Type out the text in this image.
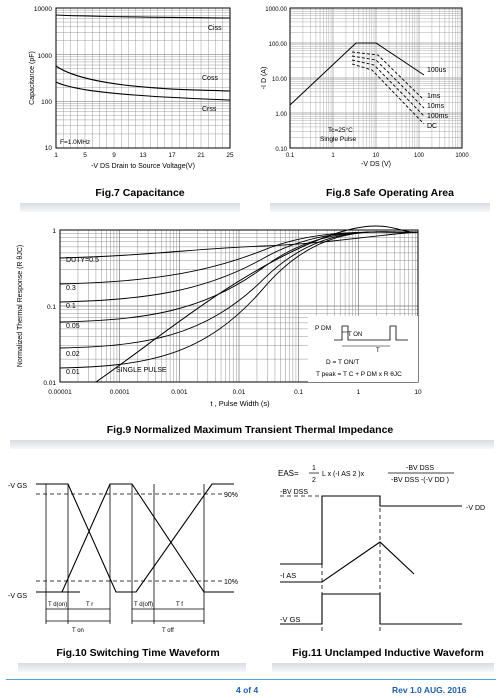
10000
1000
100
10
1	5	9	13	17	21	25
Capacitance (pF)
-V DS Drain to Source Voltage(V)
F=1.0MHz
Ciss
Coss
Crss
Fig.7 Capacitance
1000.00
100.00
10.00
1.00
0.10
0.1	1	10	100	1000
-I D (A)
-V DS (V)
100us
1ms
10ms
100ms
DC
Tc=25°C
Single Pulse
Fig.8 Safe Operating Area
1
0.1
0.01
0.00001	0.0001	0.001	0.01	0.1	1	10
Normalized Thermal Response (R θJC)
t , Pulse Width (s)
DUTY=0.5
0.3
0.1
0.05
0.02
0.01	SINGLE PULSE
P DM
T ON
T
D = T ON/T
T peak = T C + P DM x R θJC
Fig.9 Normalized Maximum Transient Thermal Impedance
-V GS
-V GS
90%
10%
T d(on)	T r
T on
T d(off)	T f
T off
Fig.10 Switching Time Waveform
EAS=
1
2
L x (-I AS 2 )x
-BV DSS
-BV DSS -(-V DD )
-BV DSS
-V DD
-I AS
-V GS
Fig.11 Unclamped Inductive Waveform
4 of 4	Rev 1.0 AUG. 2016
